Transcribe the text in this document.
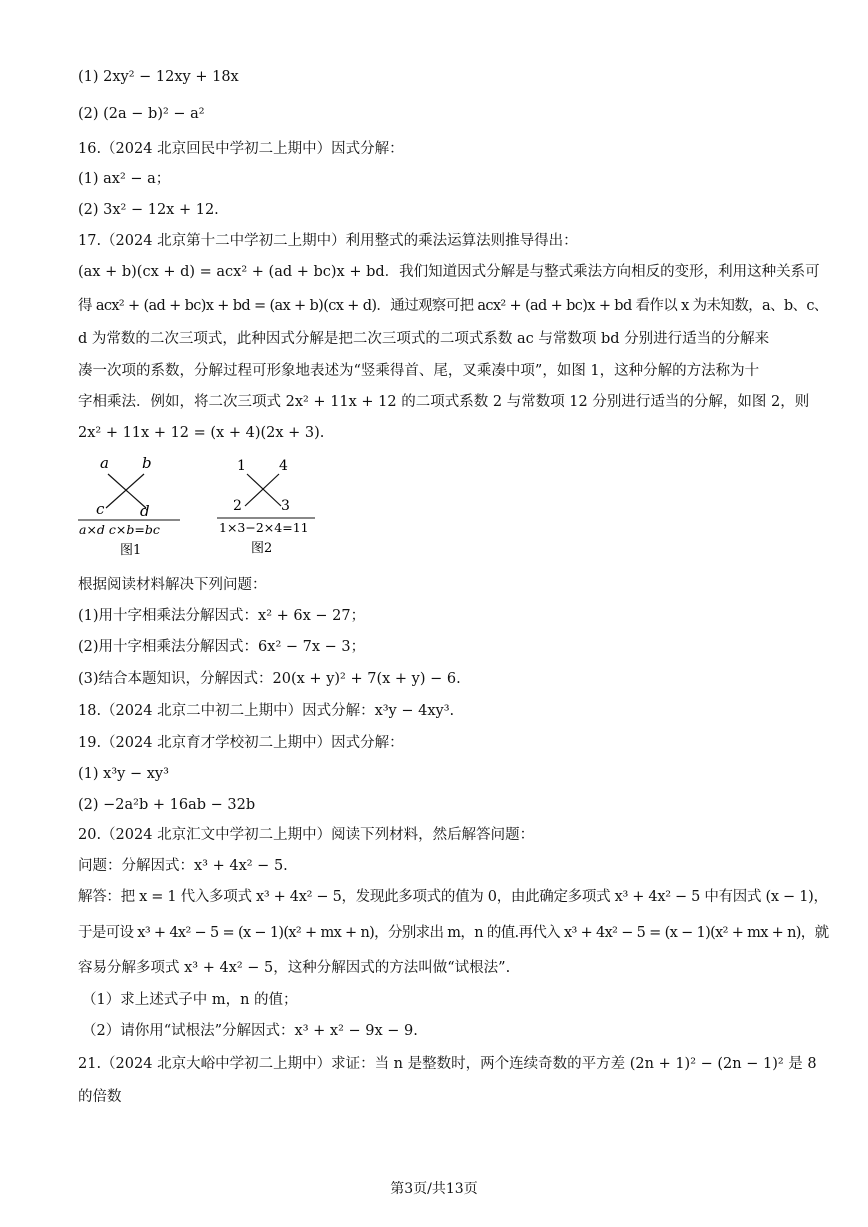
(1) 2xy² − 12xy + 18x
(2) (2a − b)² − a²
16.（2024 北京回民中学初二上期中）因式分解：
(1) ax² − a；
(2) 3x² − 12x + 12.
17.（2024 北京第十二中学初二上期中）利用整式的乘法运算法则推导得出：
(ax + b)(cx + d) = acx² + (ad + bc)x + bd．我们知道因式分解是与整式乘法方向相反的变形，利用这种关系可
得 acx² + (ad + bc)x + bd = (ax + b)(cx + d)．通过观察可把 acx² + (ad + bc)x + bd 看作以 x 为未知数，a、b、c、
d 为常数的二次三项式，此种因式分解是把二次三项式的二项式系数 ac 与常数项 bd 分别进行适当的分解来
凑一次项的系数，分解过程可形象地表述为“竖乘得首、尾，叉乘凑中项”，如图 1，这种分解的方法称为十
字相乘法．例如，将二次三项式 2x² + 11x + 12 的二项式系数 2 与常数项 12 分别进行适当的分解，如图 2，则
2x² + 11x + 12 = (x + 4)(2x + 3).
a b
c d
a×d c×b=bc
图1
1 4
2	3
1×3−2×4=11
图2
根据阅读材料解决下列问题：
(1)用十字相乘法分解因式：x² + 6x − 27；
(2)用十字相乘法分解因式：6x² − 7x − 3；
(3)结合本题知识，分解因式：20(x + y)² + 7(x + y) − 6.
18.（2024 北京二中初二上期中）因式分解：x³y − 4xy³.
19.（2024 北京育才学校初二上期中）因式分解：
(1) x³y − xy³
(2) −2a²b + 16ab − 32b
20.（2024 北京汇文中学初二上期中）阅读下列材料，然后解答问题：
问题：分解因式：x³ + 4x² − 5.
解答：把 x = 1 代入多项式 x³ + 4x² − 5，发现此多项式的值为 0，由此确定多项式 x³ + 4x² − 5 中有因式 (x − 1)，
于是可设 x³ + 4x² − 5 = (x − 1)(x² + mx + n)，分别求出 m，n 的值.再代入 x³ + 4x² − 5 = (x − 1)(x² + mx + n)，就
容易分解多项式 x³ + 4x² − 5，这种分解因式的方法叫做“试根法”.
（1）求上述式子中 m，n 的值；
（2）请你用“试根法”分解因式：x³ + x² − 9x − 9.
21.（2024 北京大峪中学初二上期中）求证：当 n 是整数时，两个连续奇数的平方差 (2n + 1)² − (2n − 1)² 是 8
的倍数
第3页/共13页
